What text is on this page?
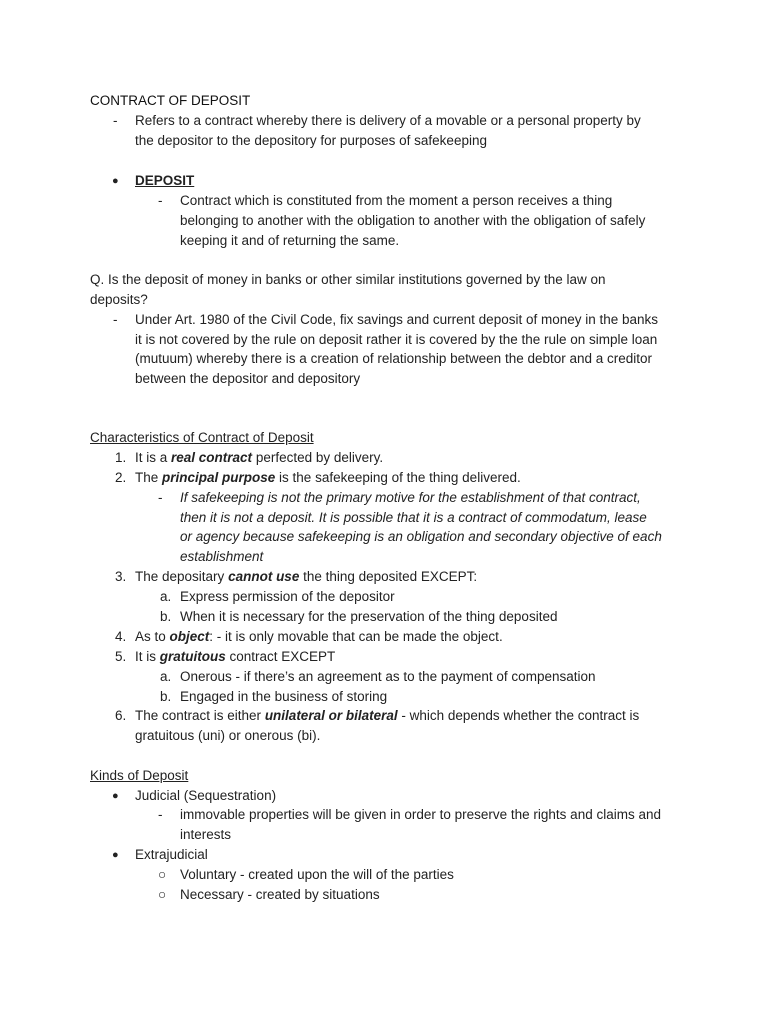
CONTRACT OF DEPOSIT
- Refers to a contract whereby there is delivery of a movable or a personal property by
the depositor to the depository for purposes of safekeeping
● DEPOSIT
- Contract which is constituted from the moment a person receives a thing
belonging to another with the obligation to another with the obligation of safely
keeping it and of returning the same.
Q. Is the deposit of money in banks or other similar institutions governed by the law on
deposits?
- Under Art. 1980 of the Civil Code, fix savings and current deposit of money in the banks
it is not covered by the rule on deposit rather it is covered by the the rule on simple loan
(mutuum) whereby there is a creation of relationship between the debtor and a creditor
between the depositor and depository
Characteristics of Contract of Deposit
1. It is a real contract perfected by delivery.
2. The principal purpose is the safekeeping of the thing delivered.
- If safekeeping is not the primary motive for the establishment of that contract,
then it is not a deposit. It is possible that it is a contract of commodatum, lease
or agency because safekeeping is an obligation and secondary objective of each
establishment
3. The depositary cannot use the thing deposited EXCEPT:
a. Express permission of the depositor
b. When it is necessary for the preservation of the thing deposited
4. As to object: - it is only movable that can be made the object.
5. It is gratuitous contract EXCEPT
a. Onerous - if there’s an agreement as to the payment of compensation
b. Engaged in the business of storing
6. The contract is either unilateral or bilateral - which depends whether the contract is
gratuitous (uni) or onerous (bi).
Kinds of Deposit
● Judicial (Sequestration)
- immovable properties will be given in order to preserve the rights and claims and
interests
● Extrajudicial
○ Voluntary - created upon the will of the parties
○ Necessary - created by situations
